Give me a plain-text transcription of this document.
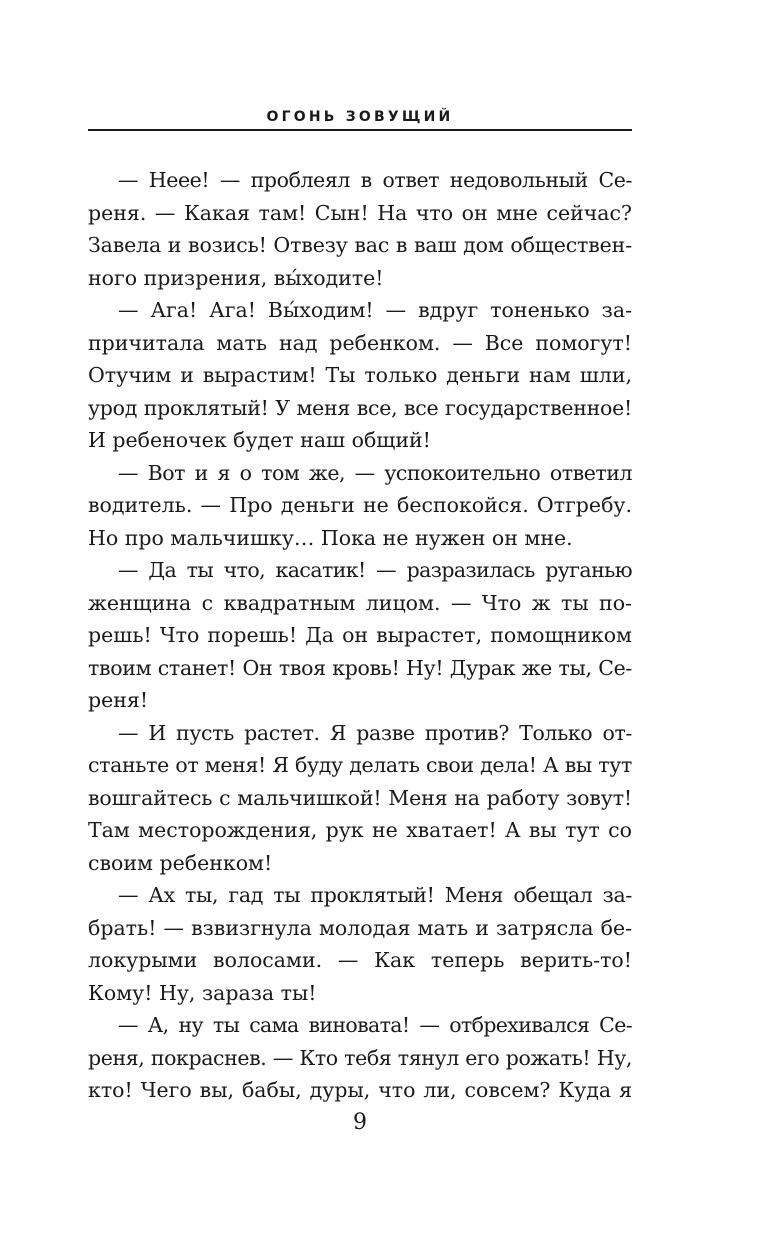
ОГОНЬ ЗОВУЩИЙ
— Неее! — проблеял в ответ недовольный Се-
реня. — Какая там! Сын! На что он мне сейчас?
Завела и возись! Отвезу вас в ваш дом обществен-
ного призрения, вы́ходите!
— Ага! Ага! Вы́ходим! — вдруг тоненько за-
причитала мать над ребенком. — Все помогут!
Отучим и вырастим! Ты только деньги нам шли,
урод проклятый! У меня все, все государственное!
И ребеночек будет наш общий!
— Вот и я о том же, — успокоительно ответил
водитель. — Про деньги не беспокойся. Отгребу.
Но про мальчишку… Пока не нужен он мне.
— Да ты что, касатик! — разразилась руганью
женщина с квадратным лицом. — Что ж ты по-
решь! Что порешь! Да он вырастет, помощником
твоим станет! Он твоя кровь! Ну! Дурак же ты, Се-
реня!
— И пусть растет. Я разве против? Только от-
станьте от меня! Я буду делать свои дела! А вы тут
вошгайтесь с мальчишкой! Меня на работу зовут!
Там месторождения, рук не хватает! А вы тут со
своим ребенком!
— Ах ты, гад ты проклятый! Меня обещал за-
брать! — взвизгнула молодая мать и затрясла бе-
локурыми волосами. — Как теперь верить-то!
Кому! Ну, зараза ты!
— А, ну ты сама виновата! — отбрехивался Се-
реня, покраснев. — Кто тебя тянул его рожать! Ну,
кто! Чего вы, бабы, дуры, что ли, совсем? Куда я
9
